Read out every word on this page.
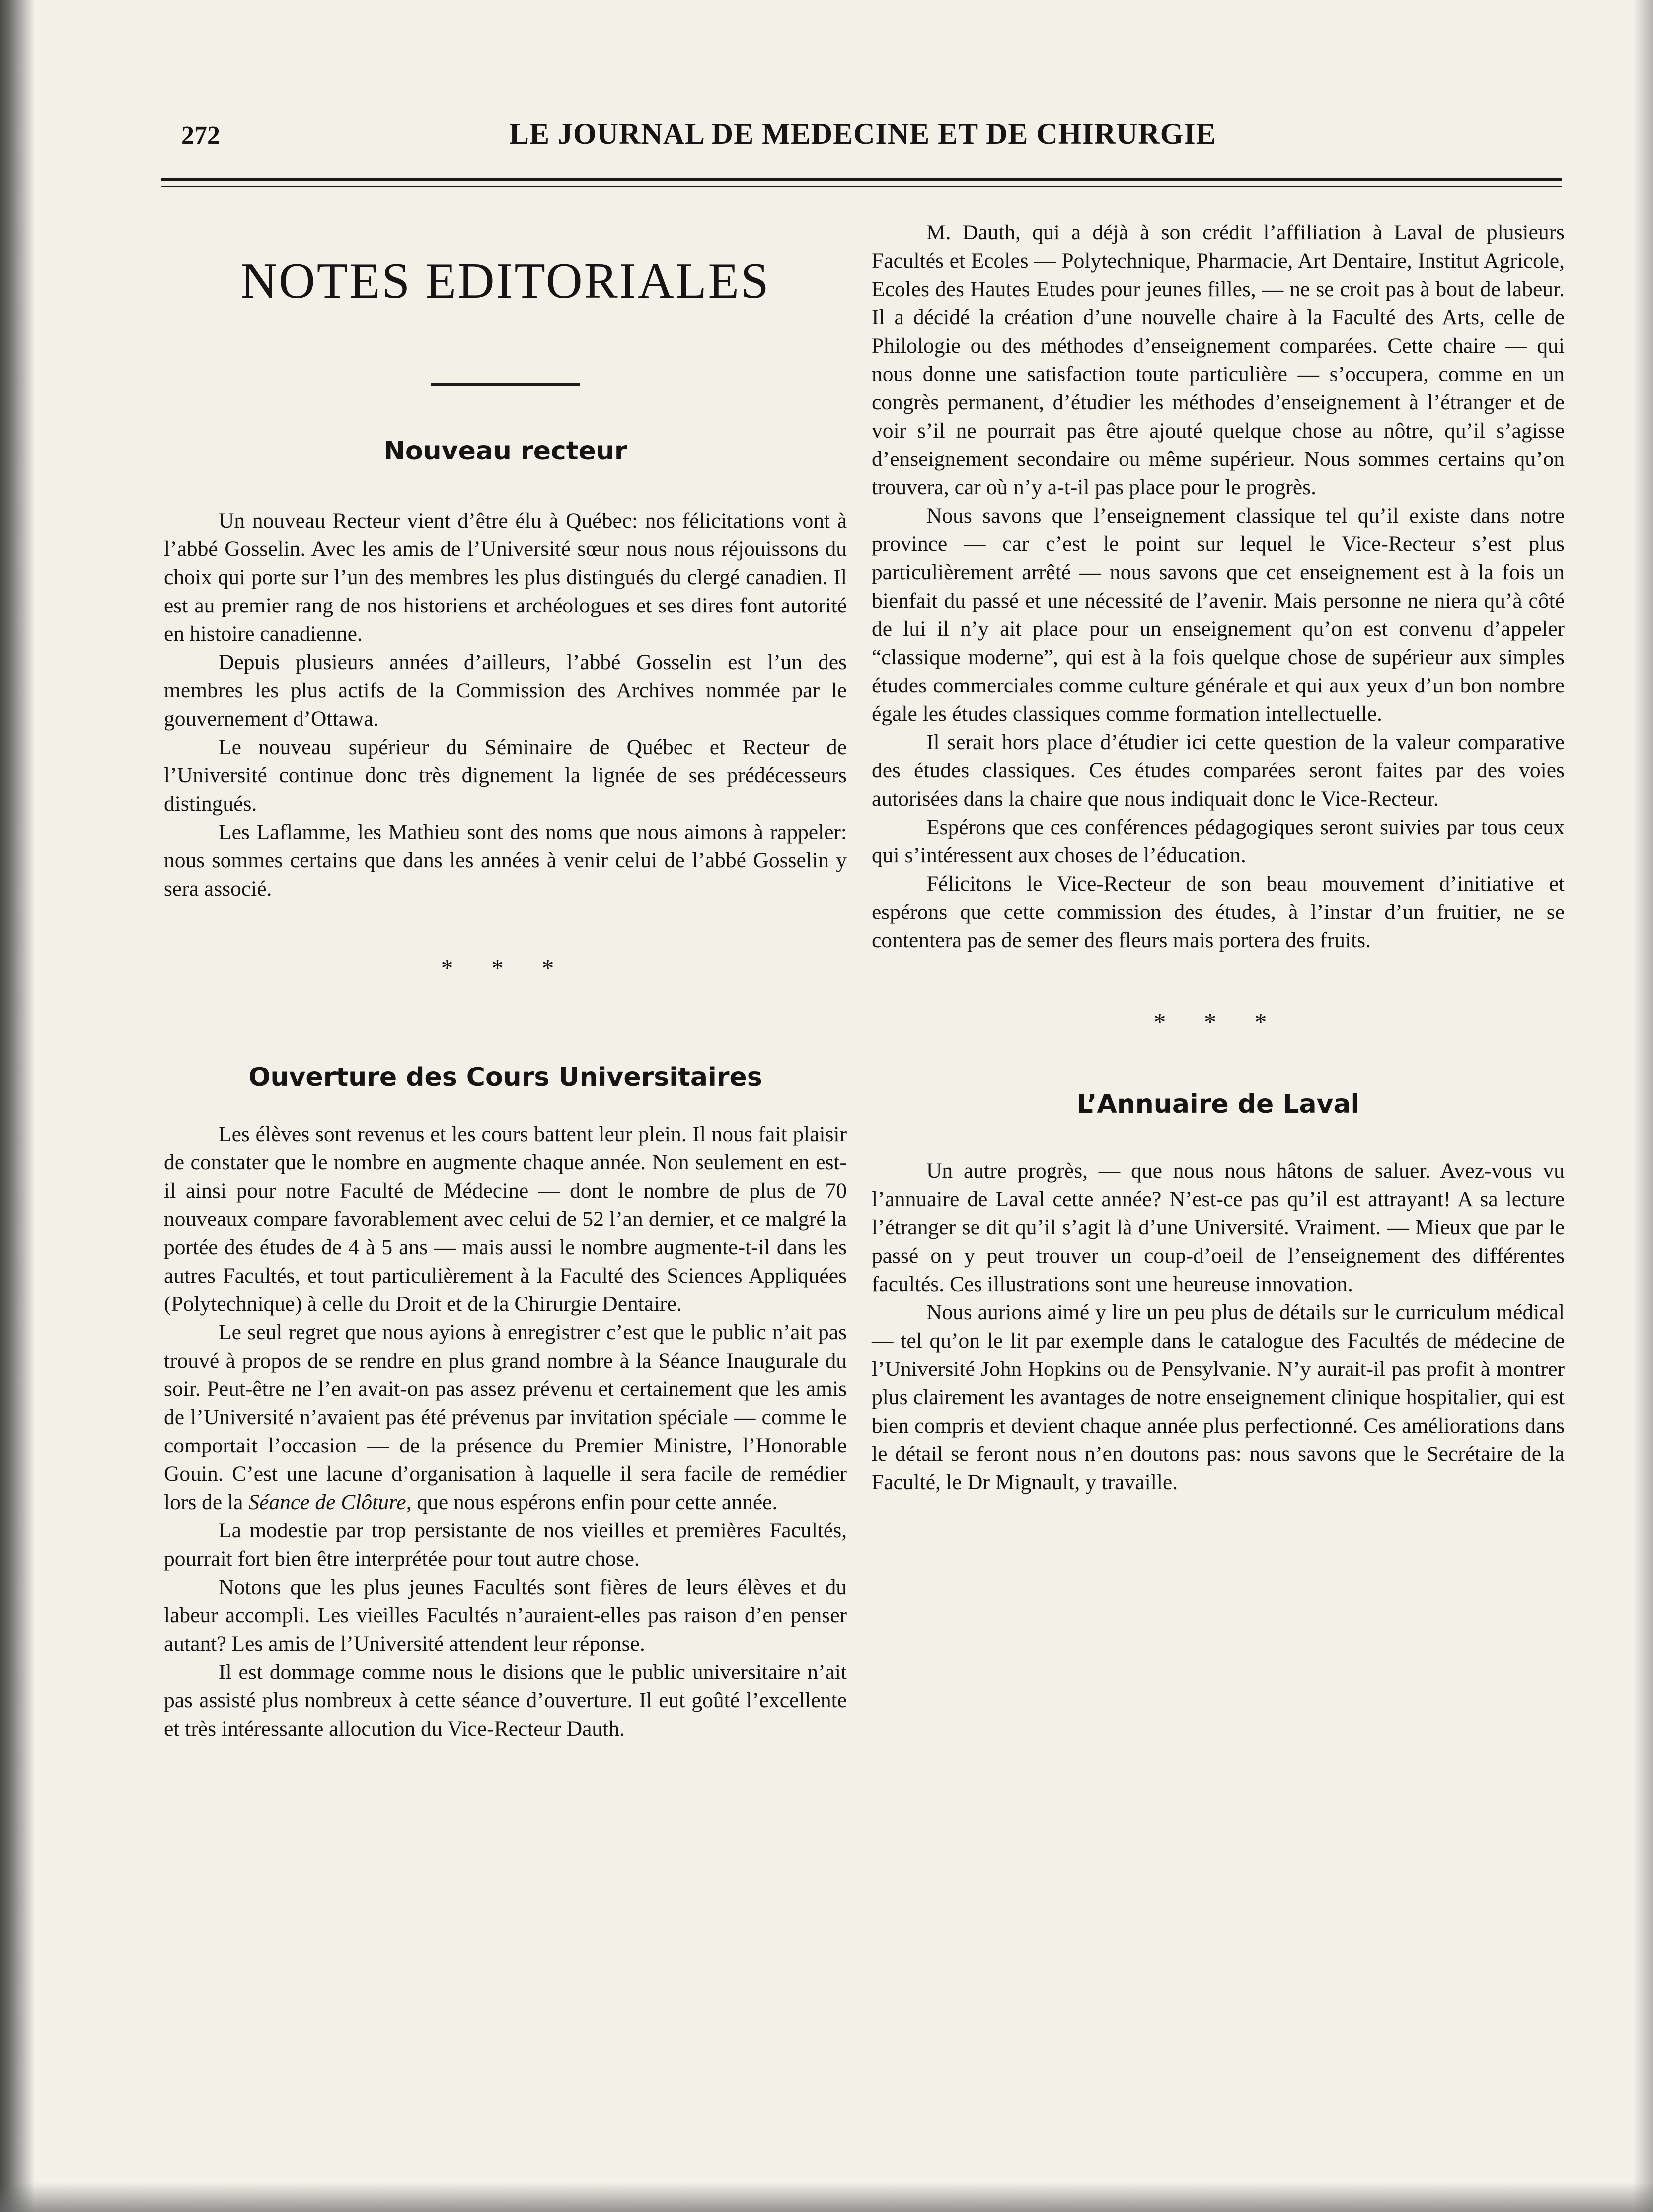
272	LE JOURNAL DE MEDECINE ET DE CHIRURGIE
NOTES EDITORIALES
Nouveau recteur

Un nouveau Recteur vient d’être élu à Québec: nos félicitations vont à l’abbé Gosselin. Avec les amis de l’Université sœur nous nous réjouissons du choix qui porte sur l’un des membres les plus distingués du clergé canadien. Il est au premier rang de nos historiens et archéologues et ses dires font autorité en histoire canadienne.

Depuis plusieurs années d’ailleurs, l’abbé Gosselin est l’un des membres les plus actifs de la Commission des Archives nommée par le gouvernement d’Ottawa.

Le nouveau supérieur du Séminaire de Québec et Recteur de l’Université continue donc très dignement la lignée de ses prédécesseurs distingués.

Les Laflamme, les Mathieu sont des noms que nous aimons à rappeler: nous sommes certains que dans les années à venir celui de l’abbé Gosselin y sera associé.

* * *
Ouverture des Cours Universitaires

Les élèves sont revenus et les cours battent leur plein. Il nous fait plaisir de constater que le nombre en augmente chaque année. Non seulement en est-il ainsi pour notre Faculté de Médecine — dont le nombre de plus de 70 nouveaux compare favorablement avec celui de 52 l’an dernier, et ce malgré la portée des études de 4 à 5 ans — mais aussi le nombre augmente-t-il dans les autres Facultés, et tout particulièrement à la Faculté des Sciences Appliquées (Polytechnique) à celle du Droit et de la Chirurgie Dentaire.

Le seul regret que nous ayions à enregistrer c’est que le public n’ait pas trouvé à propos de se rendre en plus grand nombre à la Séance Inaugurale du soir. Peut-être ne l’en avait-on pas assez prévenu et certainement que les amis de l’Université n’avaient pas été prévenus par invitation spéciale — comme le comportait l’occasion — de la présence du Premier Ministre, l’Honorable Gouin. C’est une lacune d’organisation à laquelle il sera facile de remédier lors de la Séance de Clôture, que nous espérons enfin pour cette année.

La modestie par trop persistante de nos vieilles et premières Facultés, pourrait fort bien être interprétée pour tout autre chose.

Notons que les plus jeunes Facultés sont fières de leurs élèves et du labeur accompli. Les vieilles Facultés n’auraient-elles pas raison d’en penser autant? Les amis de l’Université attendent leur réponse.

Il est dommage comme nous le disions que le public universitaire n’ait pas assisté plus nombreux à cette séance d’ouverture. Il eut goûté l’excellente et très intéressante allocution du Vice-Recteur Dauth.

M. Dauth, qui a déjà à son crédit l’affiliation à Laval de plusieurs Facultés et Ecoles — Polytechnique, Pharmacie, Art Dentaire, Institut Agricole, Ecoles des Hautes Etudes pour jeunes filles, — ne se croit pas à bout de labeur. Il a décidé la création d’une nouvelle chaire à la Faculté des Arts, celle de Philologie ou des méthodes d’enseignement comparées. Cette chaire — qui nous donne une satisfaction toute particulière — s’occupera, comme en un congrès permanent, d’étudier les méthodes d’enseignement à l’étranger et de voir s’il ne pourrait pas être ajouté quelque chose au nôtre, qu’il s’agisse d’enseignement secondaire ou même supérieur. Nous sommes certains qu’on trouvera, car où n’y a-t-il pas place pour le progrès.

Nous savons que l’enseignement classique tel qu’il existe dans notre province — car c’est le point sur lequel le Vice-Recteur s’est plus particulièrement arrêté — nous savons que cet enseignement est à la fois un bienfait du passé et une nécessité de l’avenir. Mais personne ne niera qu’à côté de lui il n’y ait place pour un enseignement qu’on est convenu d’appeler “classique moderne”, qui est à la fois quelque chose de supérieur aux simples études commerciales comme culture générale et qui aux yeux d’un bon nombre égale les études classiques comme formation intellectuelle.

Il serait hors place d’étudier ici cette question de la valeur comparative des études classiques. Ces études comparées seront faites par des voies autorisées dans la chaire que nous indiquait donc le Vice-Recteur.

Espérons que ces conférences pédagogiques seront suivies par tous ceux qui s’intéressent aux choses de l’éducation.

Félicitons le Vice-Recteur de son beau mouvement d’initiative et espérons que cette commission des études, à l’instar d’un fruitier, ne se contentera pas de semer des fleurs mais portera des fruits.

* * *
L’Annuaire de Laval

Un autre progrès, — que nous nous hâtons de saluer. Avez-vous vu l’annuaire de Laval cette année? N’est-ce pas qu’il est attrayant! A sa lecture l’étranger se dit qu’il s’agit là d’une Université. Vraiment. — Mieux que par le passé on y peut trouver un coup-d’oeil de l’enseignement des différentes facultés. Ces illustrations sont une heureuse innovation.

Nous aurions aimé y lire un peu plus de détails sur le curriculum médical — tel qu’on le lit par exemple dans le catalogue des Facultés de médecine de l’Université John Hopkins ou de Pensylvanie. N’y aurait-il pas profit à montrer plus clairement les avantages de notre enseignement clinique hospitalier, qui est bien compris et devient chaque année plus perfectionné. Ces améliorations dans le détail se feront nous n’en doutons pas: nous savons que le Secrétaire de la Faculté, le Dr Mignault, y travaille.
